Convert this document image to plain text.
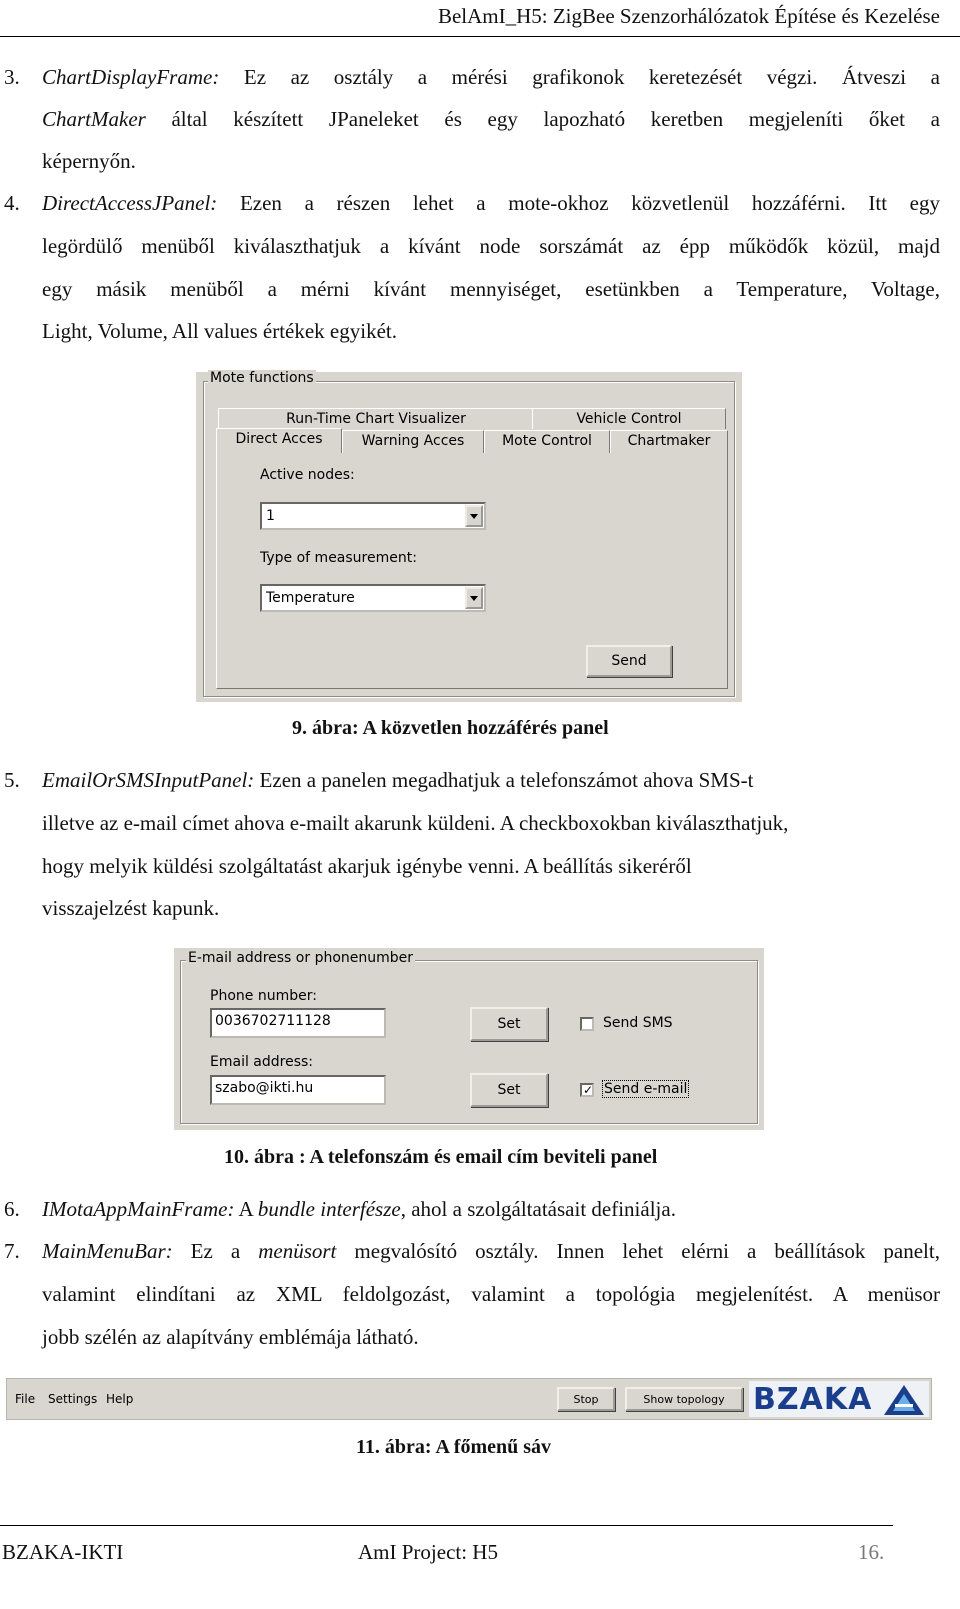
BelAmI_H5: ZigBee Szenzorhálózatok Építése és Kezelése
3. ChartDisplayFrame: Ez az osztály a mérési grafikonok keretezését végzi. Átveszi a
ChartMaker által készített JPaneleket és egy lapozható keretben megjeleníti őket a
képernyőn.
4. DirectAccessJPanel: Ezen a részen lehet a mote-okhoz közvetlenül hozzáférni. Itt egy
legördülő menüből kiválaszthatjuk a kívánt node sorszámát az épp működők közül, majd
egy másik menüből a mérni kívánt mennyiséget, esetünkben a Temperature, Voltage,
Light, Volume, All values értékek egyikét.
Mote functions
Run-Time Chart Visualizer	Vehicle Control
Direct Acces	Warning Acces	Mote Control	Chartmaker
Active nodes:
1
Type of measurement:
Temperature
Send
9. ábra: A közvetlen hozzáférés panel
5. EmailOrSMSInputPanel: Ezen a panelen megadhatjuk a telefonszámot ahova SMS-t
illetve az e-mail címet ahova e-mailt akarunk küldeni. A checkboxokban kiválaszthatjuk,
hogy melyik küldési szolgáltatást akarjuk igénybe venni. A beállítás sikeréről
visszajelzést kapunk.
E-mail address or phonenumber
Phone number:
0036702711128	Set	Send SMS
Email address:
szabo@ikti.hu	Set	✓ Send e-mail
10. ábra : A telefonszám és email cím beviteli panel
6. IMotaAppMainFrame: A bundle interfésze, ahol a szolgáltatásait definiálja.
7. MainMenuBar: Ez a menüsort megvalósító osztály. Innen lehet elérni a beállítások panelt,
valamint elindítani az XML feldolgozást, valamint a topológia megjelenítést. A menüsor
jobb szélén az alapítvány emblémája látható.
File Settings Help	Stop	Show topology BZAKA
11. ábra: A főmenű sáv
BZAKA-IKTI	AmI Project: H5	16.
